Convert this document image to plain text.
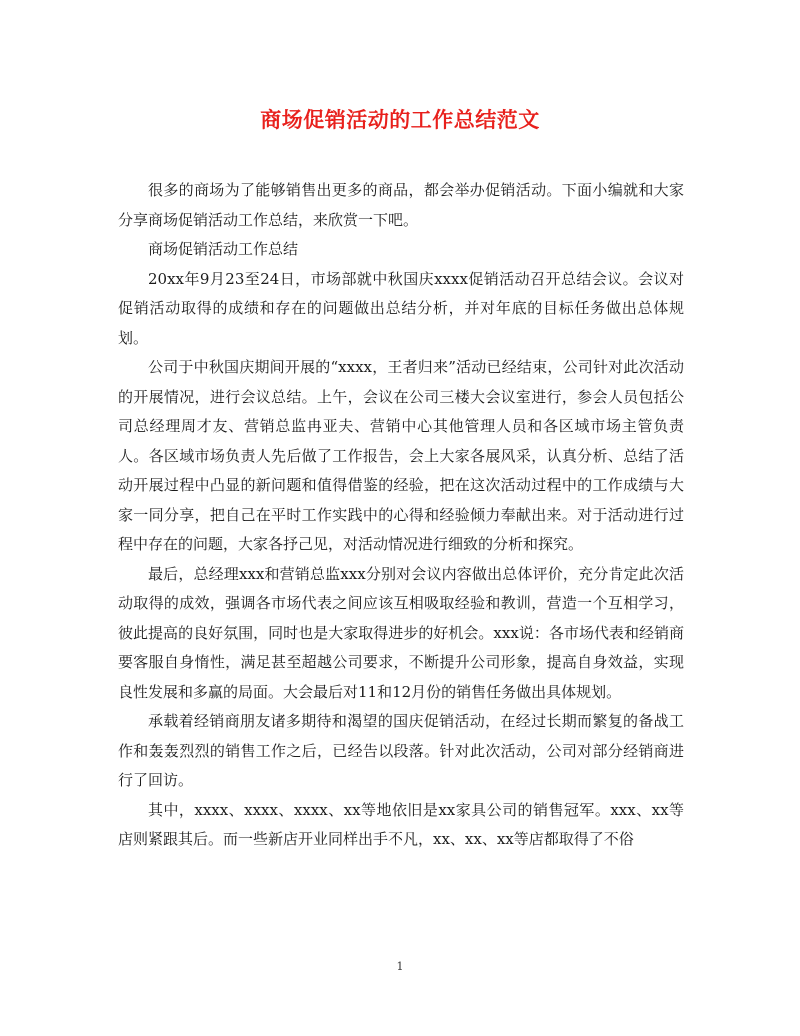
商场促销活动的工作总结范文

很多的商场为了能够销售出更多的商品，都会举办促销活动。下面小编就和大家分享商场促销活动工作总结，来欣赏一下吧。

商场促销活动工作总结

20xx年9月23至24日，市场部就中秋国庆xxxx促销活动召开总结会议。会议对促销活动取得的成绩和存在的问题做出总结分析，并对年底的目标任务做出总体规划。

公司于中秋国庆期间开展的“xxxx，王者归来”活动已经结束，公司针对此次活动的开展情况，进行会议总结。上午，会议在公司三楼大会议室进行，参会人员包括公司总经理周才友、营销总监冉亚夫、营销中心其他管理人员和各区域市场主管负责人。各区域市场负责人先后做了工作报告，会上大家各展风采，认真分析、总结了活动开展过程中凸显的新问题和值得借鉴的经验，把在这次活动过程中的工作成绩与大家一同分享，把自己在平时工作实践中的心得和经验倾力奉献出来。对于活动进行过程中存在的问题，大家各抒己见，对活动情况进行细致的分析和探究。

最后，总经理xxx和营销总监xxx分别对会议内容做出总体评价，充分肯定此次活动取得的成效，强调各市场代表之间应该互相吸取经验和教训，营造一个互相学习，彼此提高的良好氛围，同时也是大家取得进步的好机会。xxx说：各市场代表和经销商要客服自身惰性，满足甚至超越公司要求，不断提升公司形象，提高自身效益，实现良性发展和多赢的局面。大会最后对11和12月份的销售任务做出具体规划。

承载着经销商朋友诸多期待和渴望的国庆促销活动，在经过长期而繁复的备战工作和轰轰烈烈的销售工作之后，已经告以段落。针对此次活动，公司对部分经销商进行了回访。

其中，xxxx、xxxx、xxxx、xx等地依旧是xx家具公司的销售冠军。xxx、xx等店则紧跟其后。而一些新店开业同样出手不凡，xx、xx、xx等店都取得了不俗

1
